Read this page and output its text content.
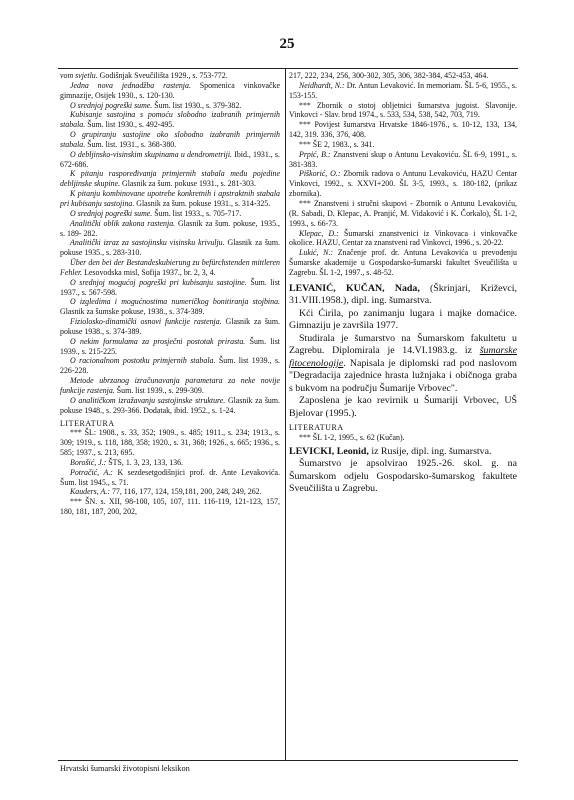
25

vom svjetlu. Godišnjak Sveučilišta 1929., s. 753-772.

Jedna nova jednadžba rastenja. Spomenica vinkovačke gimnazije, Osijek 1930., s. 120-130.

O srednjoj pogreški sume. Šum. list 1930., s. 379-382.

Kubisanje sastojina s pomoću slobodno izabranih primjernih stabala. Šum. list 1930., s. 492-495.

O grupiranju sastojine oko slobodno izabranih primjernih stabala. Šum. list. 1931., s. 368-380.

O debljinsko-visinskim skupinama u dendrometriji. Ibid., 1931., s. 672-686.

K pitanju raspoređivanja primjernih stabala među pojedine debljinske skupine. Glasnik za šum. pokuse 1931., s. 281-303.

K pitanju kombinovane upotrebe konkretnih i apstraktnih stabala pri kubisanju sastojina. Glasnik za šum. pokuse 1931., s. 314-325.

O srednjoj pogreški sume. Šum. list 1933., s. 705-717.

Analitički oblik zakona rastenja. Glasnik za šum. pokuse, 1935., s. 189- 282.

Analitički izraz za sastojinsku visinsku krivulju. Glasnik za šum. pokuse 1935., s. 283-310.

Über den bei der Bestandeskubierung zu befürchstenden mittleren Fehler. Lesovodska misl, Sofija 1937., br. 2, 3, 4.

O srednjoj mogućoj pogreški pri kubisanju sastojine. Šum. list 1937., s. 567-598.

O izgledima i mogućnostima numeričkog bonitiranja stojbina. Glasnik za šumske pokuse, 1938., s. 374-389.

Fiziolosko-dinamički osnovi funkcije rastenja. Glasnik za šum. pokuse 1938., s. 374-389.

O nekim formulama za prosječni postotak prirasta. Šum. list 1939., s. 215-225.

O racionalnom postotku primjernih stabala. Šum. list 1939., s. 226-228.

Metode ubrzanog izračunavanja parametara za neke novije funkcije rastenja. Šum. list 1939., s. 299-309.

O analitičkom izražavanju sastojinske strukture. Glasnik za šum. pokuse 1948., s. 293-366. Dodatak, ibid. 1952., s. 1-24.

LITERATURA

*** ŠL: 1908., s. 33, 352; 1909., s. 485; 1911., s. 234; 1913., s. 309; 1919., s. 118, 188, 358; 1920., s. 31, 368; 1926., s. 665; 1936., s. 585; 1937., s. 213, 695.

Borošić, J.: ŠTS, 1. 3, 23, 133, 136.

Potračić, A.: K sezdesetgodišnjici prof. dr. Ante Levakovića. Šum. list 1945., s. 71.

Kauders, A.: 77, 116, 177, 124, 159,181, 200, 248, 249, 262.

*** ŠN. s. XII, 98-100, 105, 107, 111. 116-119, 121-123, 157, 180, 181, 187, 200, 202,

217, 222, 234, 256, 300-302, 305, 306, 382-384, 452-453, 464.

Neidhardt, N.: Dr. Antun Levaković. In memoriam. ŠL 5-6, 1955., s. 153-155.

*** Zbornik o stotoj obljetnici šumarstva jugoist. Slavonije. Vinkovci - Slav. brod 1974., s. 533, 534, 538, 542, 703, 719.

*** Povijest šumarstva Hrvatske 1846-1976., s. 10-12, 133, 134, 142, 319. 336, 376, 408.

*** ŠE 2, 1983., s. 341.

Prpić, B.: Znanstveni skup o Antunu Levakoviću. ŠL 6-9, 1991., s. 381-383.

Piškorić, O.: Zbornik radova o Antunu Levakoviću, HAZU Centar Vinkovci, 1992., s. XXVI+200. ŠL 3-5, 1993., s. 180-182, (prikaz zbornika).

*** Znanstveni i stručni skupovi - Zbornik o Antunu Levakoviću, (R. Sabadi, D. Klepac, A. Pranjić, M. Vidaković i K. Čorkalo), ŠL 1-2, 1993., s. 66-73.

Klepac, D.: Šumarski znanstvenici iz Vinkovaca i vinkovačke okolice. HAZU, Centar za znanstveni rad Vinkovci, 1996., s. 20-22.

Lukić, N.: Značenje prof. dr. Antuna Levakovića u prevođenju Šumarske akademije u Gospodarsko-šumarski fakultet Sveučilišta u Zagrebu. ŠL 1-2, 1997., s. 48-52.

LEVANIĆ, KUČAN, Nada, (Škrinjari, Križevci, 31.VIII.1958.), dipl. ing. šumarstva.

Kći Ćirila, po zanimanju lugara i majke domaćice. Gimnaziju je završila 1977.

Studirala je šumarstvo na Šumarskom fakultetu u Zagrebu. Diplomirala je 14.VI.1983.g. iz šumarske fitocenologije. Napisala je diplomski rad pod naslovom "Degradacija zajednice hrasta lužnjaka i običnoga graba s bukvom na području Šumarije Vrbovec".

Zaposlena je kao revirnik u Šumariji Vrbovec, UŠ Bjelovar (1995.).

LITERATURA

*** ŠL 1-2, 1995., s. 62 (Kučan).

LEVICKI, Leonid, iz Rusije, dipl. ing. šumarstva.

Šumarstvo je apsolvirao 1925.-26. skol. g. na Šumarskom odjelu Gospodarsko-šumarskog fakultete Sveučilišta u Zagrebu.

Hrvatski šumarski životopisni leksikon
